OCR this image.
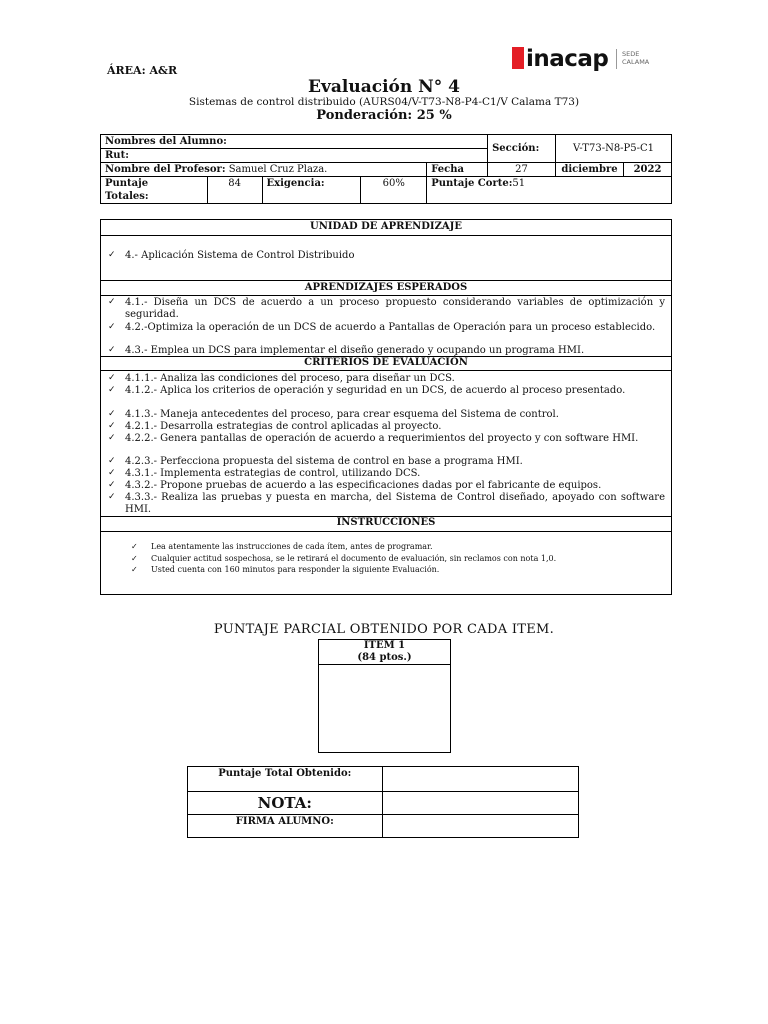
ÁREA: A&R	inacap SEDE
CALAMA
Evaluación N° 4
Sistemas de control distribuido (AURS04/V-T73-N8-P4-C1/V Calama T73)
Ponderación: 25 %
Nombres del Alumno:					Sección:	V-T73-N8-P5-C1	
Rut:							
Nombre del Profesor: Samuel Cruz Plaza.				Fecha	27	diciembre	2022

Puntaje
Totales:	84	Exigencia:	60%	Puntaje Corte:51			
UNIDAD DE APRENDIZAJE
✓ 4.- Aplicación Sistema de Control Distribuido
APRENDIZAJES ESPERADOS
✓ 4.1.- Diseña un DCS de acuerdo a un proceso propuesto considerando variables de optimización y seguridad.
✓ 4.2.-Optimiza la operación de un DCS de acuerdo a Pantallas de Operación para un proceso establecido.
✓ 4.3.- Emplea un DCS para implementar el diseño generado y ocupando un programa HMI.
CRITERIOS DE EVALUACIÓN
✓ 4.1.1.- Analiza las condiciones del proceso, para diseñar un DCS.
✓ 4.1.2.- Aplica los criterios de operación y seguridad en un DCS, de acuerdo al proceso presentado.
✓ 4.1.3.- Maneja antecedentes del proceso, para crear esquema del Sistema de control.
✓ 4.2.1.- Desarrolla estrategias de control aplicadas al proyecto.
✓ 4.2.2.- Genera pantallas de operación de acuerdo a requerimientos del proyecto y con software HMI.
✓ 4.2.3.- Perfecciona propuesta del sistema de control en base a programa HMI.
✓ 4.3.1.- Implementa estrategias de control, utilizando DCS.
✓ 4.3.2.- Propone pruebas de acuerdo a las especificaciones dadas por el fabricante de equipos.
✓ 4.3.3.- Realiza las pruebas y puesta en marcha, del Sistema de Control diseñado, apoyado con software HMI.
INSTRUCCIONES
✓ Lea atentamente las instrucciones de cada ítem, antes de programar.
✓ Cualquier actitud sospechosa, se le retirará el documento de evaluación, sin reclamos con nota 1,0.
✓ Usted cuenta con 160 minutos para responder la siguiente Evaluación.
PUNTAJE PARCIAL OBTENIDO POR CADA ITEM.
ITEM 1
(84 ptos.)
Puntaje Total Obtenido:	
NOTA:	
FIRMA ALUMNO:	
